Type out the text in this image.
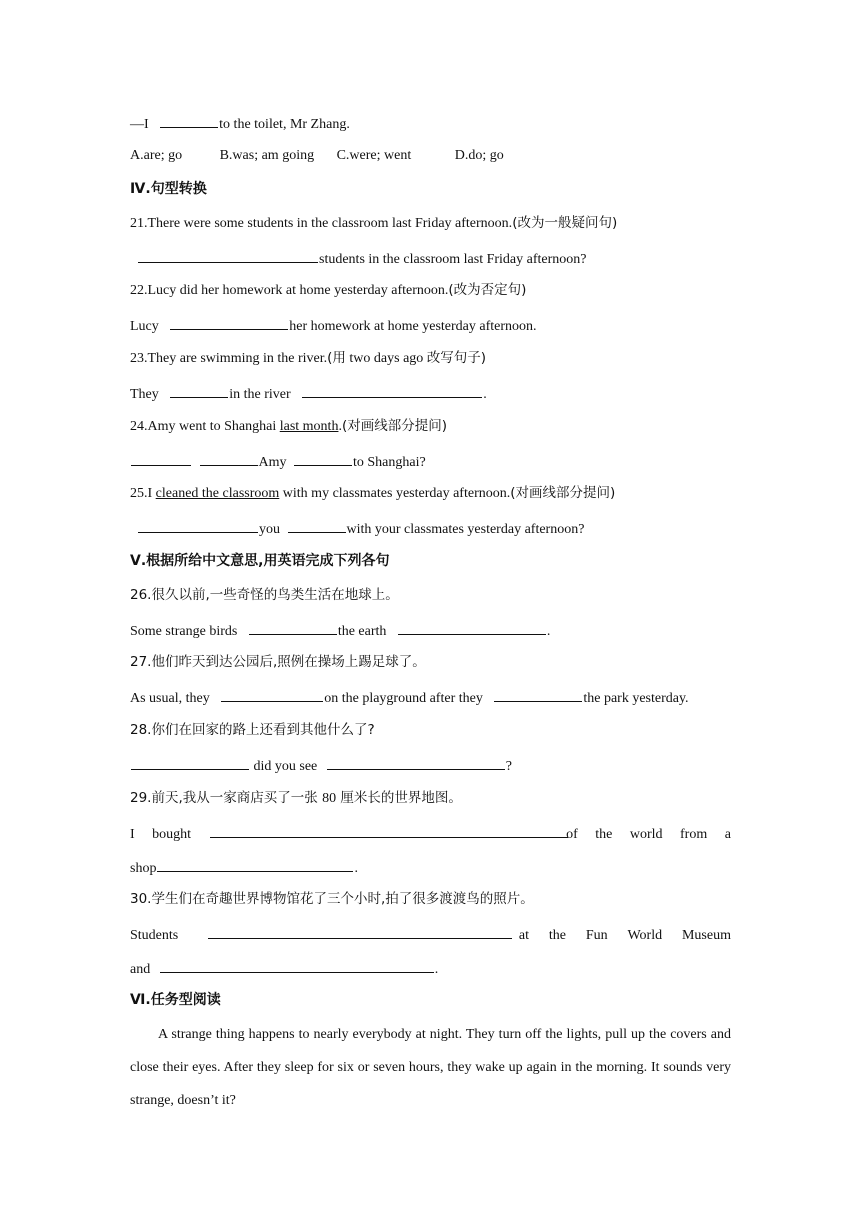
—I	to the toilet, Mr Zhang.
A.are; go	B.was; am going C.were; went	D.do; go
Ⅳ.句型转换
21.There were some students in the classroom last Friday afternoon.(改为一般疑问句)
students in the classroom last Friday afternoon?
22.Lucy did her homework at home yesterday afternoon.(改为否定句)
Lucy	her homework at home yesterday afternoon.
23.They are swimming in the river.(用 two days ago 改写句子)
They	in the river	.
24.Amy went to Shanghai last month.(对画线部分提问)
Amy	to Shanghai?
25.I cleaned the classroom with my classmates yesterday afternoon.(对画线部分提问)
you	with your classmates yesterday afternoon?
Ⅴ.根据所给中文意思,用英语完成下列各句
26.很久以前,一些奇怪的鸟类生活在地球上。
Some strange birds	the earth	.
27.他们昨天到达公园后,照例在操场上踢足球了。
As usual, they	on the playground after they	the park yesterday.
28.你们在回家的路上还看到其他什么了?
did you see	?
29.前天,我从一家商店买了一张 80 厘米长的世界地图。
I bought	of the world from a
shop	.
30.学生们在奇趣世界博物馆花了三个小时,拍了很多渡渡鸟的照片。
Students	at the Fun World Museum
and	.
Ⅵ.任务型阅读
A strange thing happens to nearly everybody at night. They turn off the lights, pull up the covers and close their eyes. After they sleep for six or seven hours, they wake up again in the morning. It sounds very strange, doesn’t it?
